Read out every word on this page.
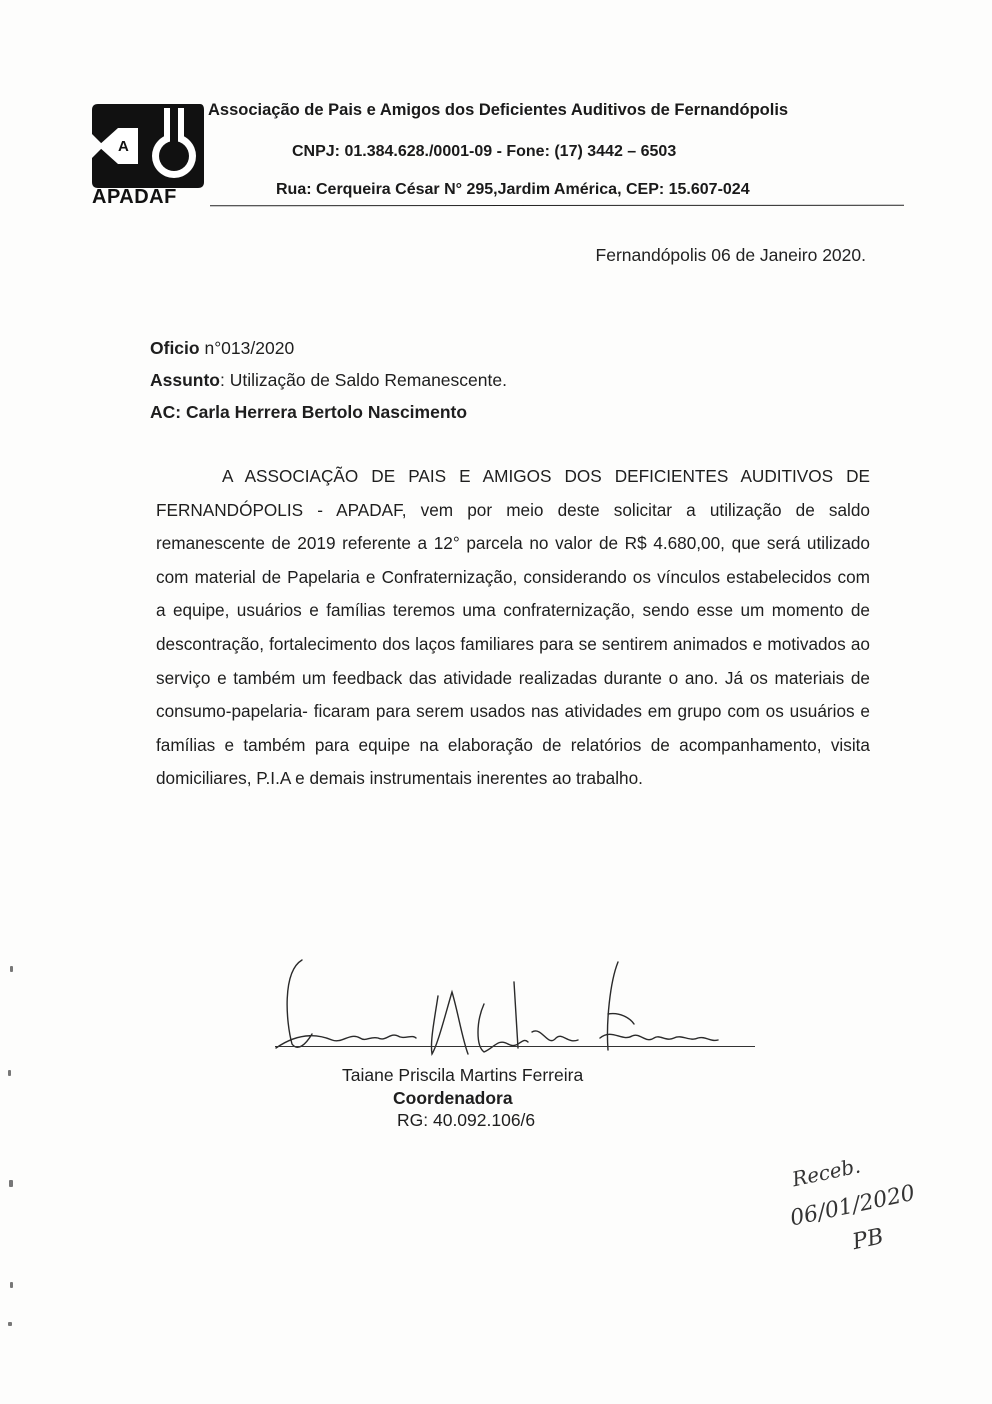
A
APADAF
Associação de Pais e Amigos dos Deficientes Auditivos de Fernandópolis
CNPJ: 01.384.628./0001-09 - Fone: (17) 3442 – 6503
Rua: Cerqueira César N° 295,Jardim América, CEP: 15.607-024
Fernandópolis 06 de Janeiro 2020.
Oficio n°013/2020
Assunto: Utilização de Saldo Remanescente.
AC: Carla Herrera Bertolo Nascimento
A ASSOCIAÇÃO DE PAIS E AMIGOS DOS DEFICIENTES AUDITIVOS DE FERNANDÓPOLIS - APADAF, vem por meio deste solicitar a utilização de saldo remanescente de 2019 referente a 12° parcela no valor de R$ 4.680,00, que será utilizado com material de Papelaria e Confraternização, considerando os vínculos estabelecidos com a equipe, usuários e famílias teremos uma confraternização, sendo esse um momento de descontração, fortalecimento dos laços familiares para se sentirem animados e motivados ao serviço e também um feedback das atividade realizadas durante o ano. Já os materiais de consumo-papelaria- ficaram para serem usados nas atividades em grupo com os usuários e famílias e também para equipe na elaboração de relatórios de acompanhamento, visita domiciliares, P.I.A e demais instrumentais inerentes ao trabalho.
Taiane Priscila Martins Ferreira
Coordenadora
RG: 40.092.106/6
Receb.
06/01/2020
PB
